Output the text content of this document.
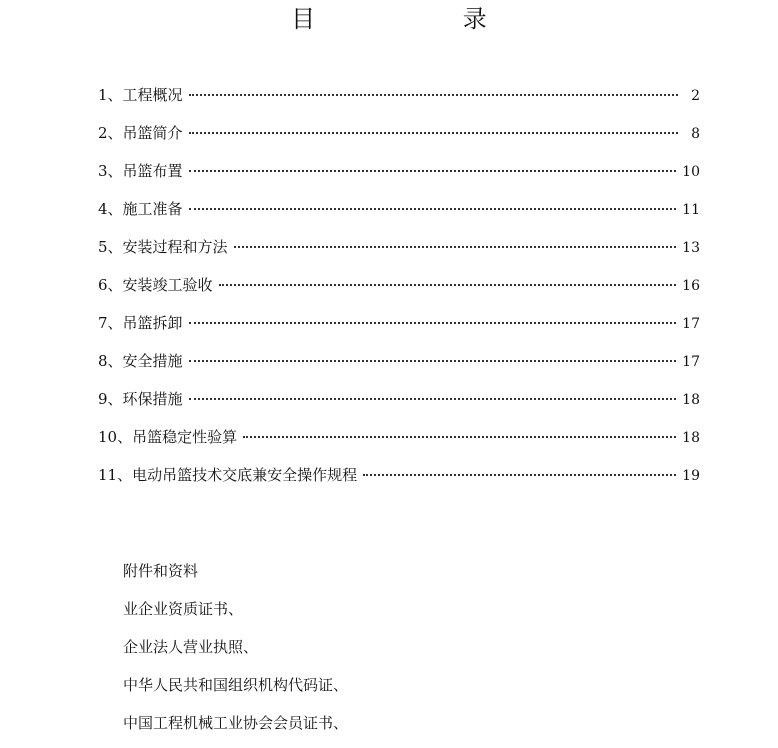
目 录
1、 工程概况	2
2、 吊篮简介	8
3、 吊篮布置	10
4、 施工准备	11
5、 安装过程和方法	13
6、 安装竣工验收	16
7、 吊篮拆卸	17
8、 安全措施	17
9、 环保措施	18
10、 吊篮稳定性验算	18
11、 电动吊篮技术交底兼安全操作规程	19
附件和资料
业企业资质证书、
企业法人营业执照、
中华人民共和国组织机构代码证、
中国工程机械工业协会会员证书、
